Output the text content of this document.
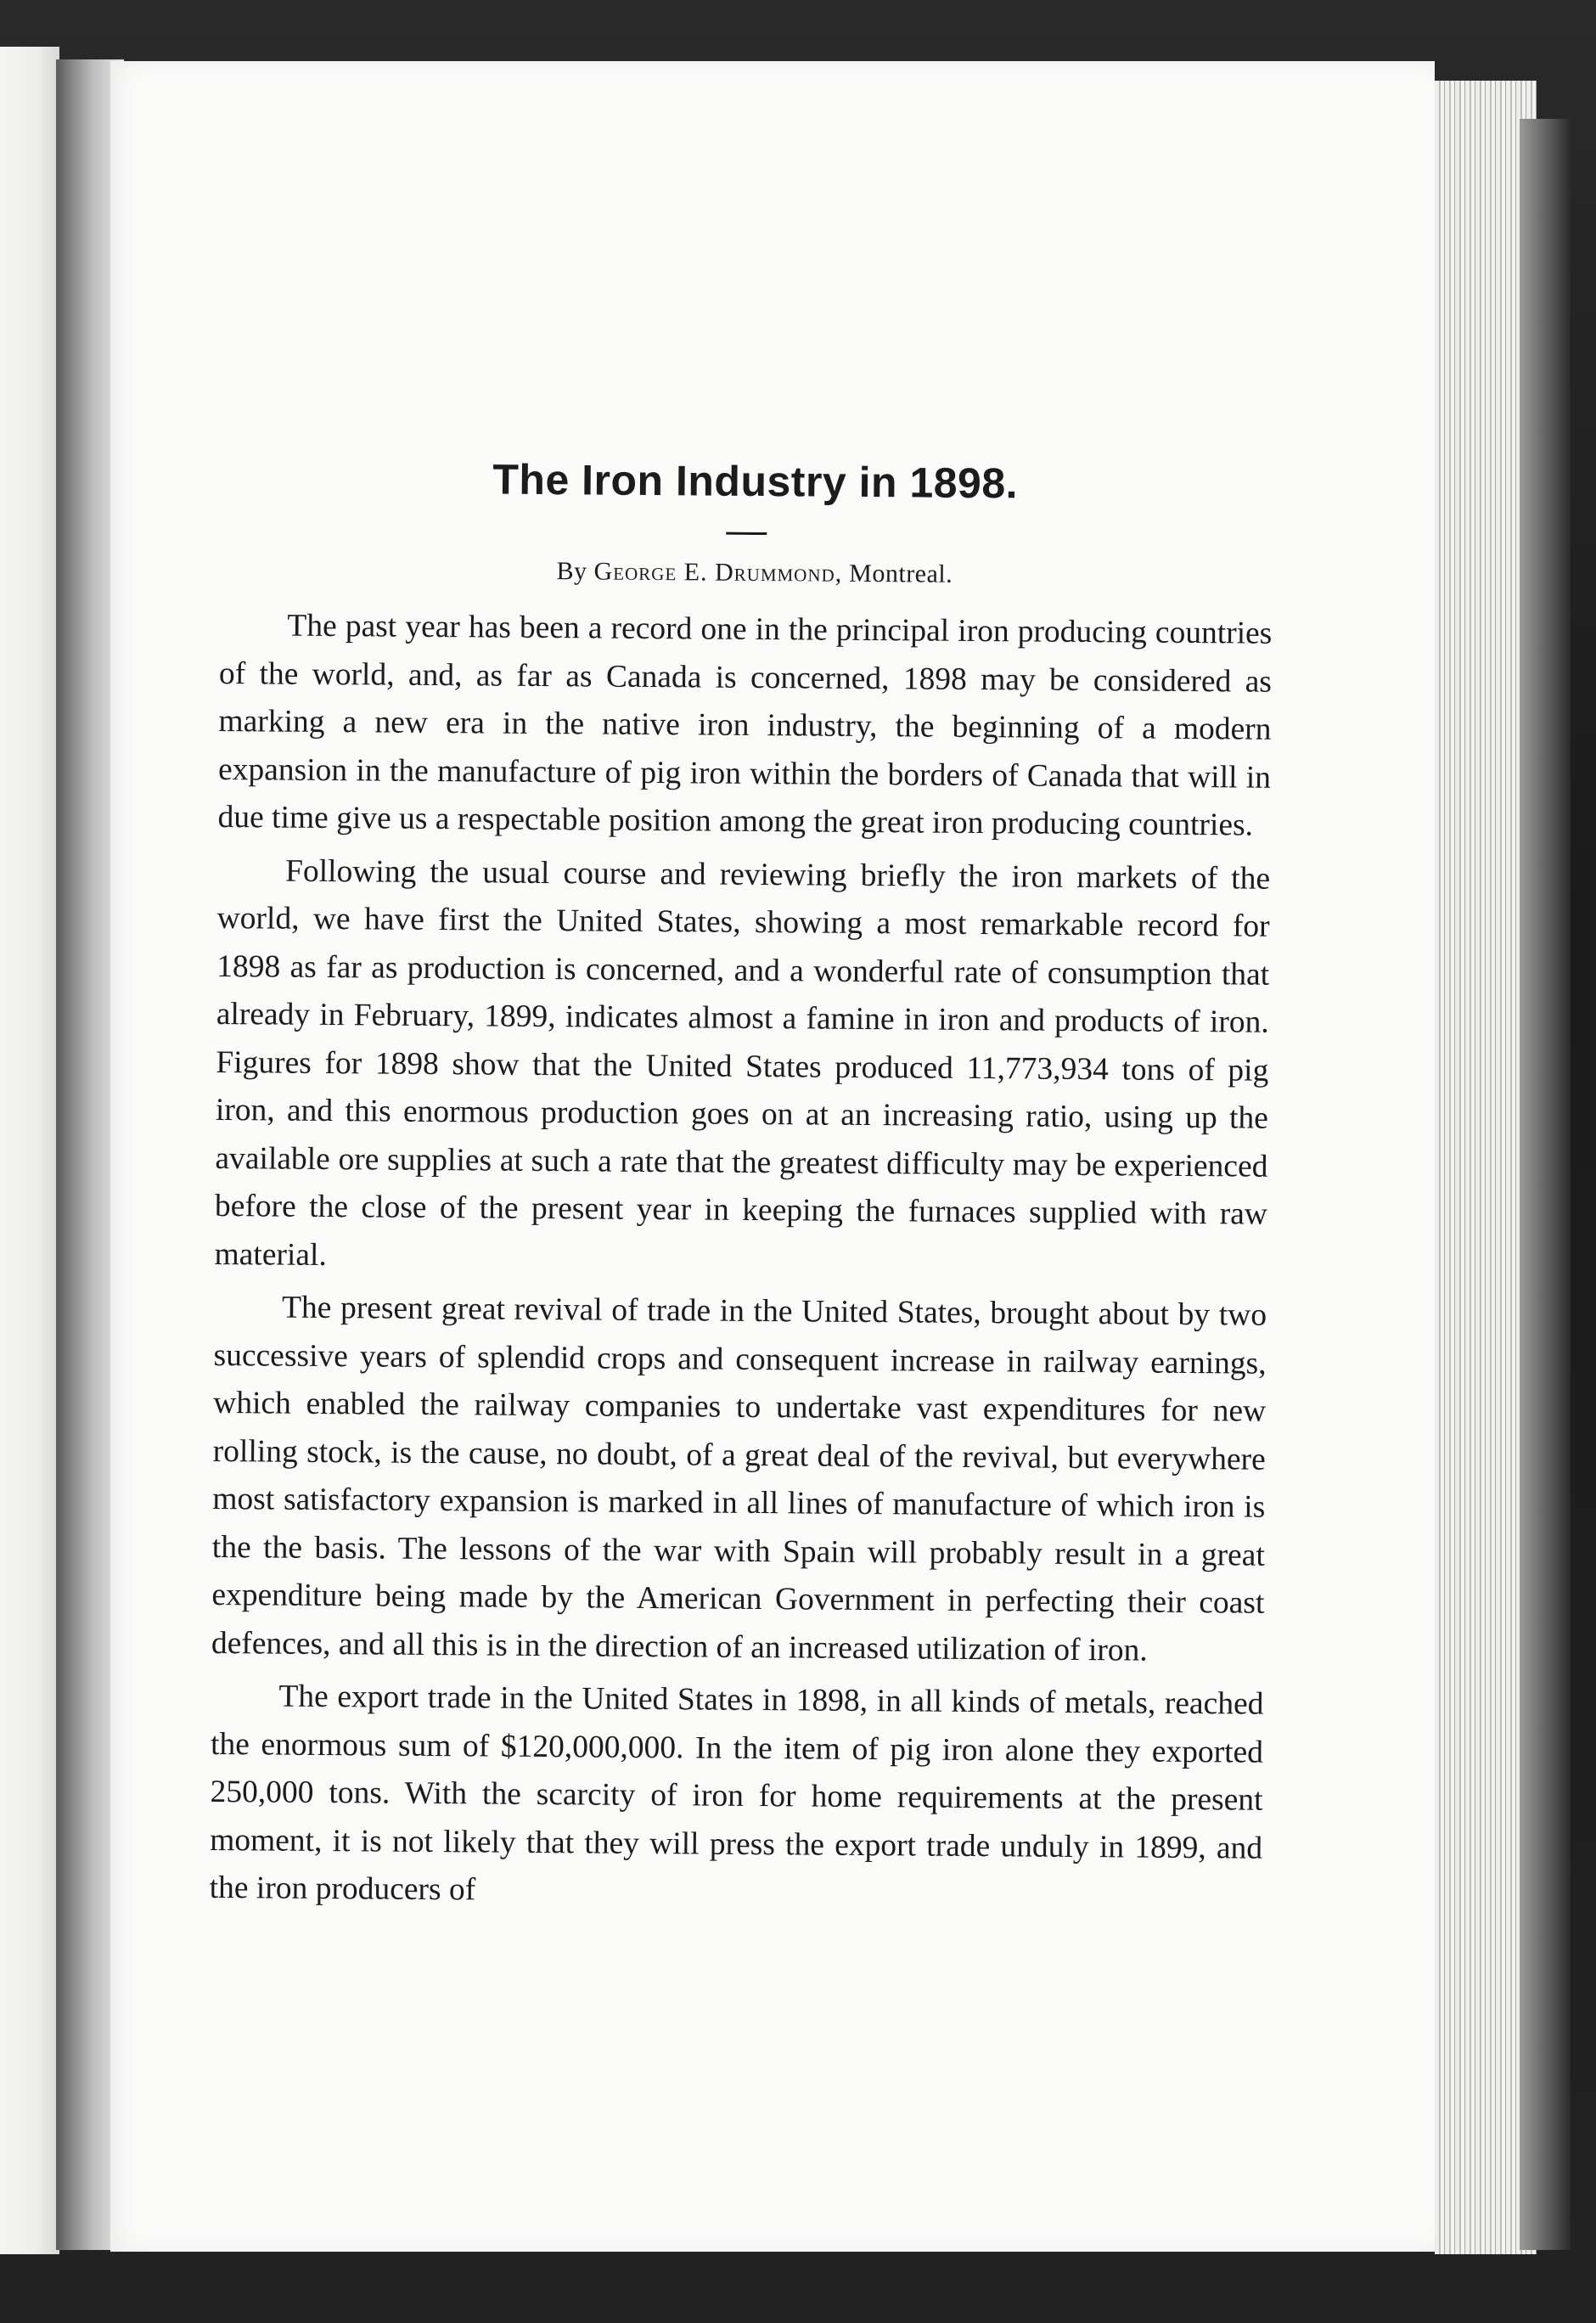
The Iron Industry in 1898.
By George E. Drummond, Montreal.

The past year has been a record one in the principal iron producing countries of the world, and, as far as Canada is concerned, 1898 may be considered as marking a new era in the native iron industry, the beginning of a modern expansion in the manufacture of pig iron within the borders of Canada that will in due time give us a respectable position among the great iron producing countries.

Following the usual course and reviewing briefly the iron markets of the world, we have first the United States, showing a most remarkable record for 1898 as far as production is concerned, and a wonderful rate of consumption that already in February, 1899, indicates almost a famine in iron and products of iron. Figures for 1898 show that the United States produced 11,773,934 tons of pig iron, and this enormous production goes on at an increasing ratio, using up the available ore supplies at such a rate that the greatest difficulty may be experienced before the close of the present year in keeping the furnaces supplied with raw material.

The present great revival of trade in the United States, brought about by two successive years of splendid crops and consequent increase in railway earnings, which enabled the railway companies to undertake vast expenditures for new rolling stock, is the cause, no doubt, of a great deal of the revival, but everywhere most satisfactory expansion is marked in all lines of manufacture of which iron is the the basis. The lessons of the war with Spain will probably result in a great expenditure being made by the American Government in perfecting their coast defences, and all this is in the direction of an increased utilization of iron.

The export trade in the United States in 1898, in all kinds of metals, reached the enormous sum of $120,000,000. In the item of pig iron alone they exported 250,000 tons. With the scarcity of iron for home requirements at the present moment, it is not likely that they will press the export trade unduly in 1899, and the iron producers of
